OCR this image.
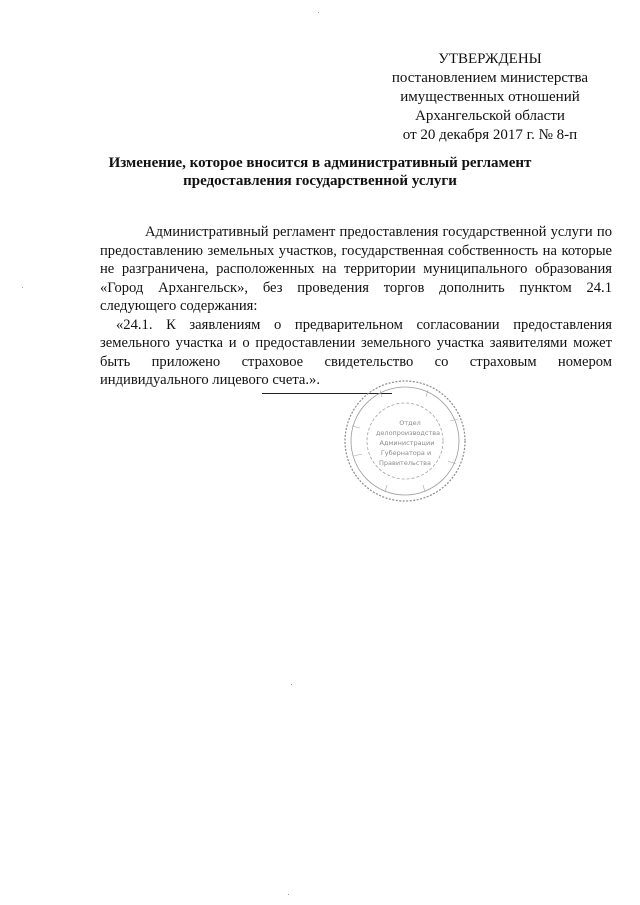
УТВЕРЖДЕНЫ
постановлением министерства
имущественных отношений
Архангельской области
от 20 декабря 2017 г. № 8-п
Изменение, которое вносится в административный регламент
предоставления государственной услуги

Административный регламент предоставления государственной услуги по предоставлению земельных участков, государственная собственность на которые не разграничена, расположенных на территории муниципального образования «Город Архангельск», без проведения торгов дополнить пунктом 24.1 следующего содержания:

«24.1. К заявлениям о предварительном согласовании предоставления земельного участка и о предоставлении земельного участка заявителями может быть приложено страховое свидетельство со страховым номером индивидуального лицевого счета.».

Отдел
делопроизводства
Администрации
Губернатора и
Правительства
